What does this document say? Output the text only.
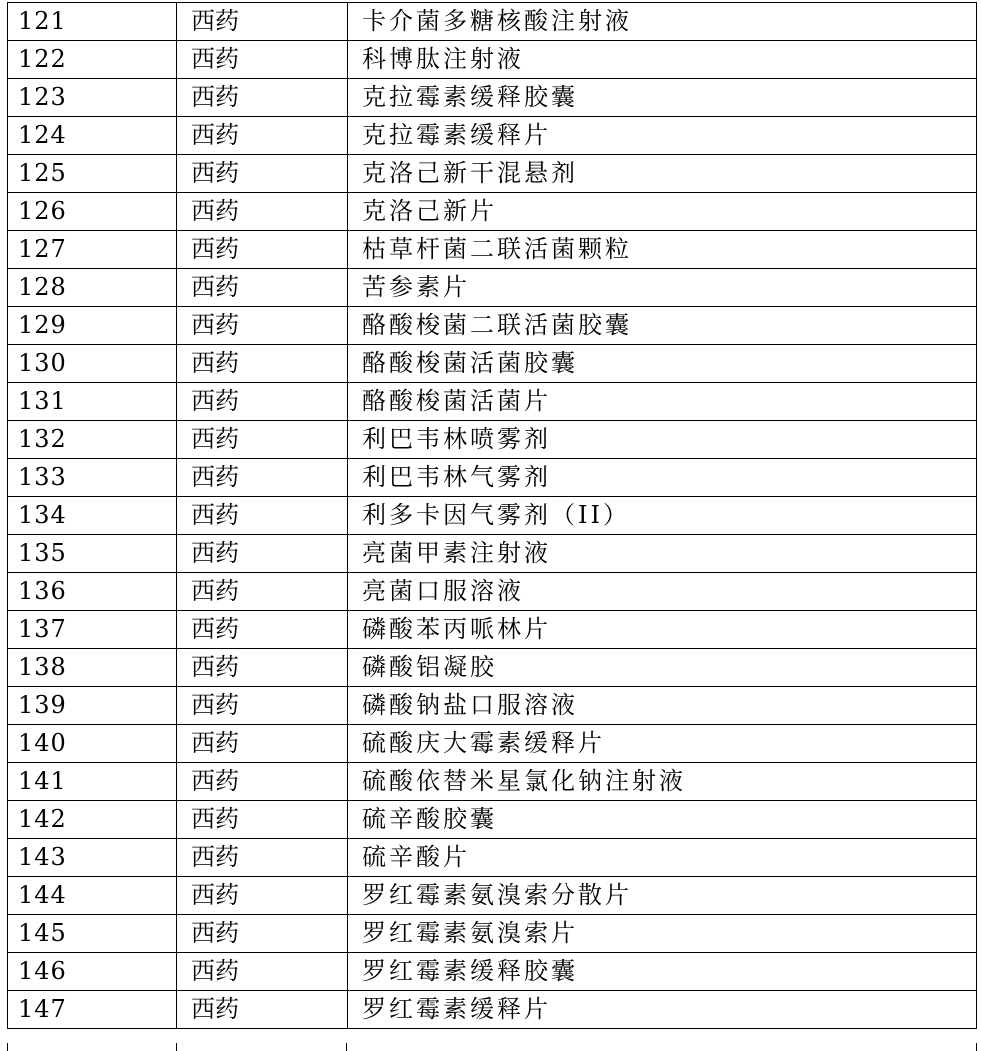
121	西药	卡介菌多糖核酸注射液
122	西药	科博肽注射液
123	西药	克拉霉素缓释胶囊
124	西药	克拉霉素缓释片
125	西药	克洛己新干混悬剂
126	西药	克洛己新片
127	西药	枯草杆菌二联活菌颗粒
128	西药	苦参素片
129	西药	酪酸梭菌二联活菌胶囊
130	西药	酪酸梭菌活菌胶囊
131	西药	酪酸梭菌活菌片
132	西药	利巴韦林喷雾剂
133	西药	利巴韦林气雾剂
134	西药	利多卡因气雾剂（II）
135	西药	亮菌甲素注射液
136	西药	亮菌口服溶液
137	西药	磷酸苯丙哌林片
138	西药	磷酸铝凝胶
139	西药	磷酸钠盐口服溶液
140	西药	硫酸庆大霉素缓释片
141	西药	硫酸依替米星氯化钠注射液
142	西药	硫辛酸胶囊
143	西药	硫辛酸片
144	西药	罗红霉素氨溴索分散片
145	西药	罗红霉素氨溴索片
146	西药	罗红霉素缓释胶囊
147	西药	罗红霉素缓释片
